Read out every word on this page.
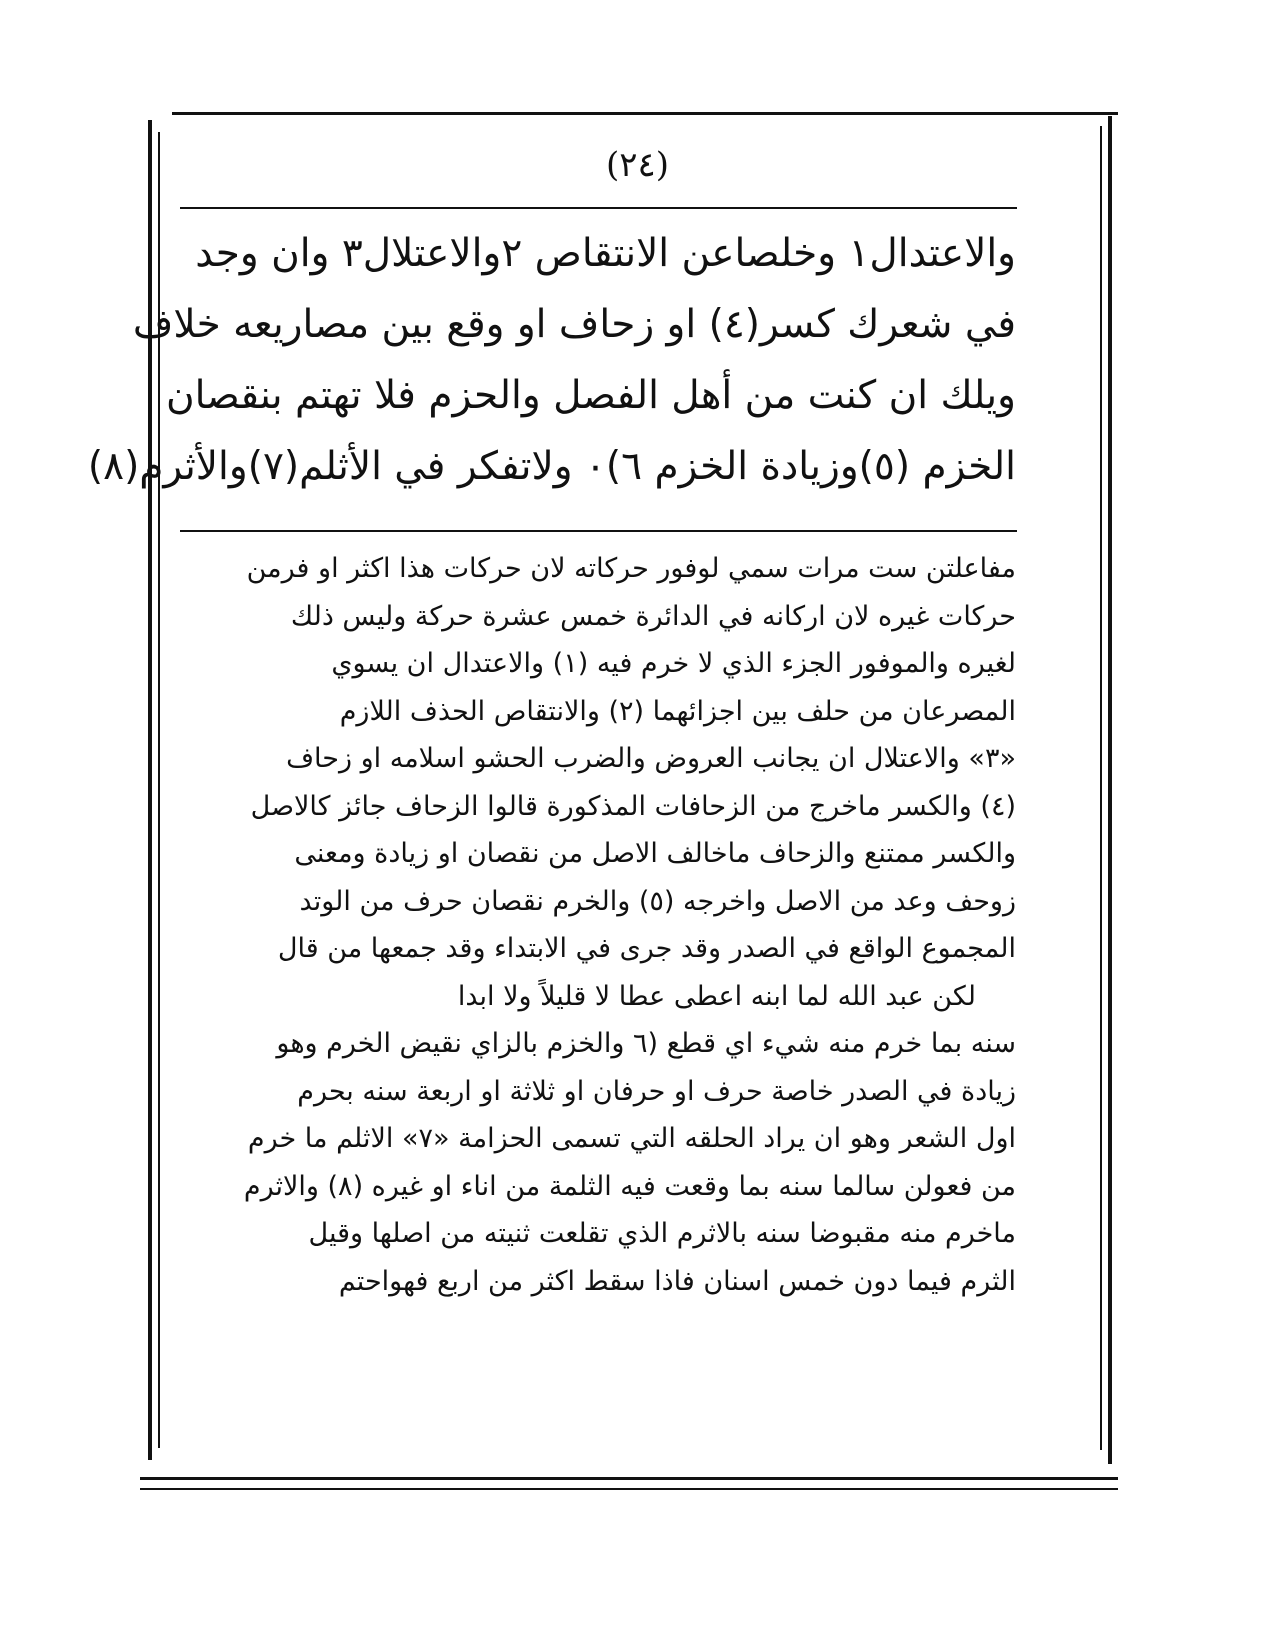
(٢٤)

والاعتدال١ وخلصاعن الانتقاص ٢والاعتلال٣ وان وجد

في شعرك كسر(٤) او زحاف او وقع بين مصاريعه خلاف

ويلك ان كنت من أهل الفصل والحزم فلا تهتم بنقصان

الخزم (٥)وزيادة الخزم ٦)٠ ولاتفكر في الأثلم(٧)والأثرم(٨)

مفاعلتن ست مرات سمي لوفور حركاته لان حركات هذا اكثر او فرمن

حركات غيره لان اركانه في الدائرة خمس عشرة حركة وليس ذلك

لغيره والموفور الجزء الذي لا خرم فيه (١) والاعتدال ان يسوي

المصرعان من حلف بين اجزائهما (٢) والانتقاص الحذف اللازم

«٣» والاعتلال ان يجانب العروض والضرب الحشو اسلامه او زحاف

(٤) والكسر ماخرج من الزحافات المذكورة قالوا الزحاف جائز كالاصل

والكسر ممتنع والزحاف ماخالف الاصل من نقصان او زيادة ومعنى

زوحف وعد من الاصل واخرجه (٥) والخرم نقصان حرف من الوتد

المجموع الواقع في الصدر وقد جرى في الابتداء وقد جمعها من قال

لكن عبد الله لما ابنه اعطى عطا لا قليلاً ولا ابدا

سنه بما خرم منه شيء اي قطع (٦ والخزم بالزاي نقيض الخرم وهو

زيادة في الصدر خاصة حرف او حرفان او ثلاثة او اربعة سنه بحرم

اول الشعر وهو ان يراد الحلقه التي تسمى الحزامة «٧» الاثلم ما خرم

من فعولن سالما سنه بما وقعت فيه الثلمة من اناء او غيره (٨) والاثرم

ماخرم منه مقبوضا سنه بالاثرم الذي تقلعت ثنيته من اصلها وقيل

الثرم فيما دون خمس اسنان فاذا سقط اكثر من اربع فهواحتم
